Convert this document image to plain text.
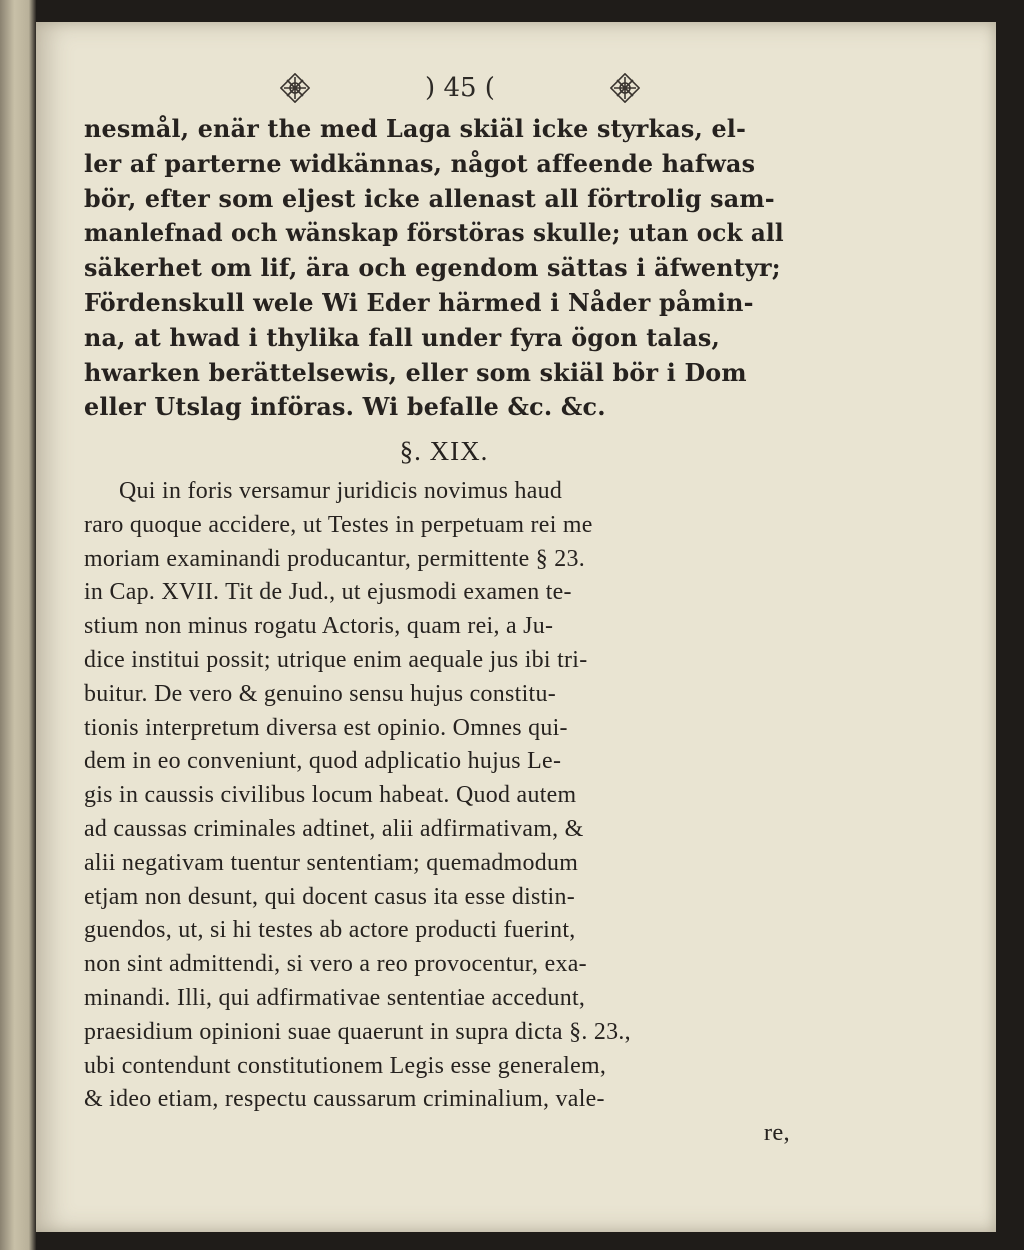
) 45 (
nesmål, enär the med Laga skiäl icke styrkas, el-
ler af parterne widkännas, något affeende hafwas
bör, efter som eljest icke allenast all förtrolig sam-
manlefnad och wänskap förstöras skulle; utan ock all
säkerhet om lif, ära och egendom sättas i äfwentyr;
Fördenskull wele Wi Eder härmed i Nåder påmin-
na, at hwad i thylika fall under fyra ögon talas,
hwarken berättelsewis, eller som skiäl bör i Dom
eller Utslag införas. Wi befalle &c. &c.
§. XIX.
Qui in foris versamur juridicis novimus haud
raro quoque accidere, ut Testes in perpetuam rei me
moriam examinandi producantur, permittente § 23.
in Cap. XVII. Tit de Jud., ut ejusmodi examen te-
stium non minus rogatu Actoris, quam rei, a Ju-
dice institui possit; utrique enim aequale jus ibi tri-
buitur. De vero & genuino sensu hujus constitu-
tionis interpretum diversa est opinio. Omnes qui-
dem in eo conveniunt, quod adplicatio hujus Le-
gis in caussis civilibus locum habeat. Quod autem
ad caussas criminales adtinet, alii adfirmativam, &
alii negativam tuentur sententiam; quemadmodum
etjam non desunt, qui docent casus ita esse distin-
guendos, ut, si hi testes ab actore producti fuerint,
non sint admittendi, si vero a reo provocentur, exa-
minandi. Illi, qui adfirmativae sententiae accedunt,
praesidium opinioni suae quaerunt in supra dicta §. 23.,
ubi contendunt constitutionem Legis esse generalem,
& ideo etiam, respectu caussarum criminalium, vale-
re,
